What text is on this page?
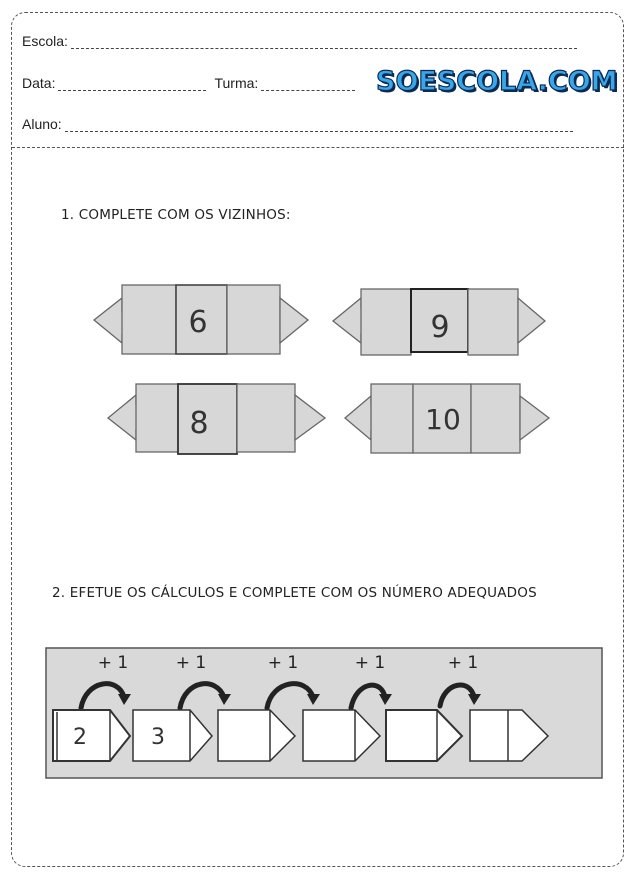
Escola:
Data:	Turma:
Aluno:
SOESCOLA.COM
1. COMPLETE COM OS VIZINHOS:
6	9
8	10
2. EFETUE OS CÁLCULOS E COMPLETE COM OS NÚMERO ADEQUADOS
+ 1	+ 1	+ 1	+ 1	+ 1
2	3
